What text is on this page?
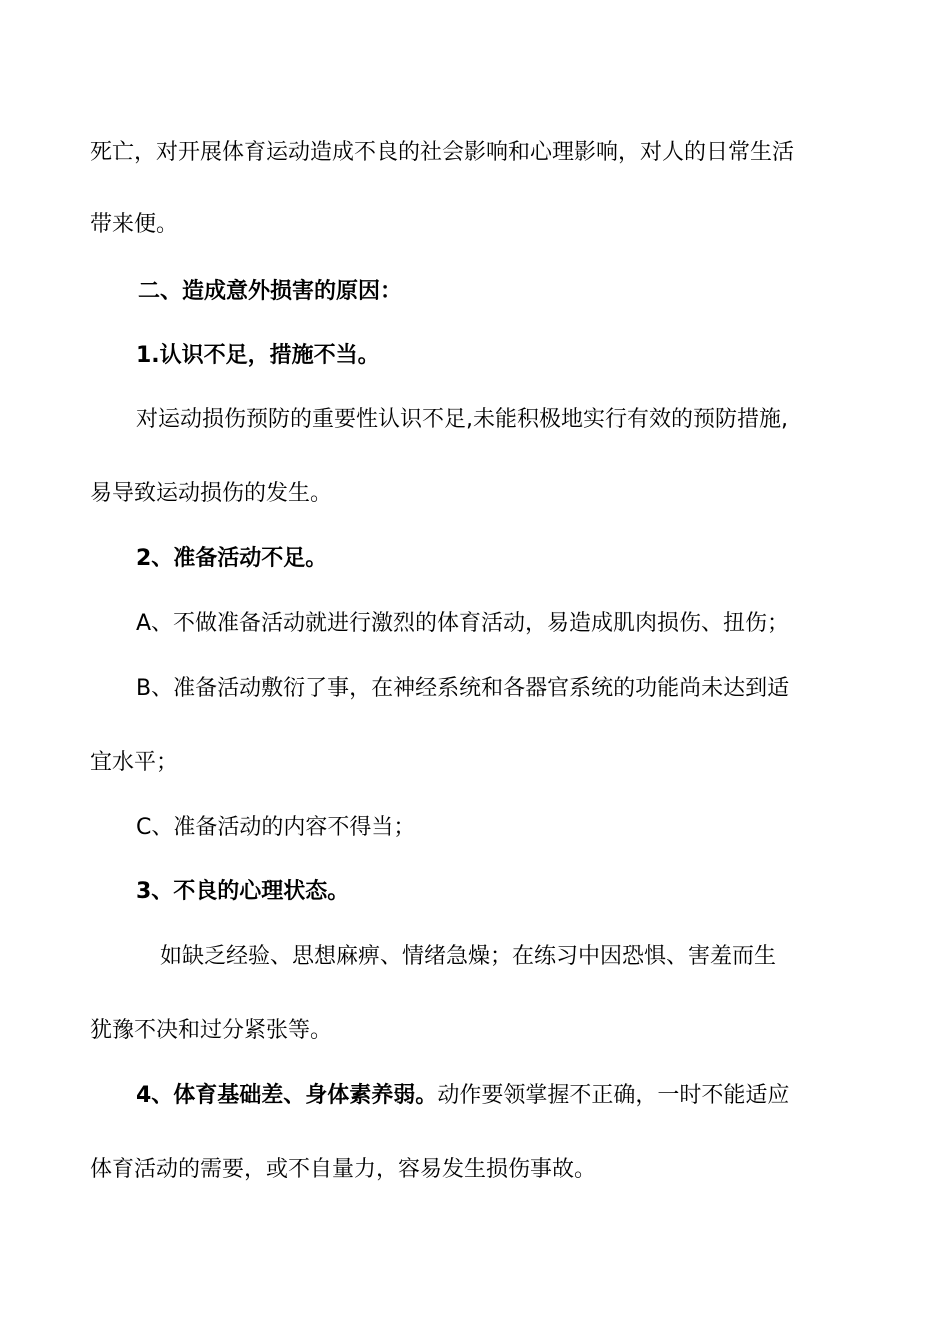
死亡，对开展体育运动造成不良的社会影响和心理影响，对人的日常生活
带来便。
二、造成意外损害的原因：
1.认识不足，措施不当。
对运动损伤预防的重要性认识不足,未能积极地实行有效的预防措施,
易导致运动损伤的发生。
2、准备活动不足。
A、不做准备活动就进行激烈的体育活动，易造成肌肉损伤、扭伤；
B、准备活动敷衍了事，在神经系统和各器官系统的功能尚未达到适
宜水平；
C、准备活动的内容不得当；
3、不良的心理状态。
如缺乏经验、思想麻痹、情绪急燥；在练习中因恐惧、害羞而生
犹豫不决和过分紧张等。
4、体育基础差、身体素养弱。动作要领掌握不正确，一时不能适应
体育活动的需要，或不自量力，容易发生损伤事故。
